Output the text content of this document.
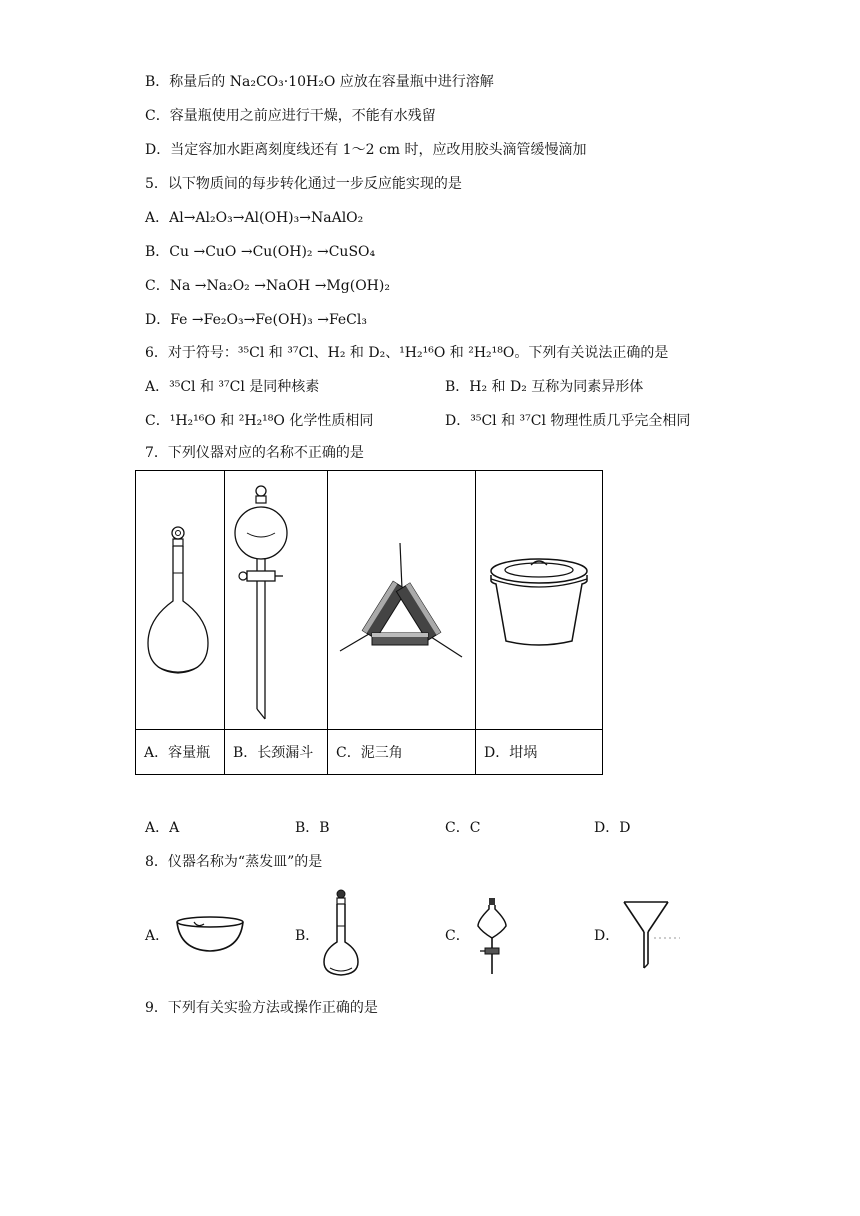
B．称量后的 Na₂CO₃·10H₂O 应放在容量瓶中进行溶解
C．容量瓶使用之前应进行干燥，不能有水残留
D．当定容加水距离刻度线还有 1～2 cm 时，应改用胶头滴管缓慢滴加
5．以下物质间的每步转化通过一步反应能实现的是
A．Al→Al₂O₃→Al(OH)₃→NaAlO₂
B．Cu →CuO →Cu(OH)₂ →CuSO₄
C．Na →Na₂O₂ →NaOH →Mg(OH)₂
D．Fe →Fe₂O₃→Fe(OH)₃ →FeCl₃
6．对于符号：³⁵Cl 和 ³⁷Cl、H₂ 和 D₂、¹H₂¹⁶O 和 ²H₂¹⁸O。下列有关说法正确的是
A．³⁵Cl 和 ³⁷Cl 是同种核素	B．H₂ 和 D₂ 互称为同素异形体
C．¹H₂¹⁶O 和 ²H₂¹⁸O 化学性质相同	D．³⁵Cl 和 ³⁷Cl 物理性质几乎完全相同
7．下列仪器对应的名称不正确的是

A．容量瓶	B．长颈漏斗	C．泥三角	D．坩埚
A．A	B．B	C．C	D．D
8．仪器名称为“蒸发皿”的是
A．	B．	C．	D．
9．下列有关实验方法或操作正确的是
